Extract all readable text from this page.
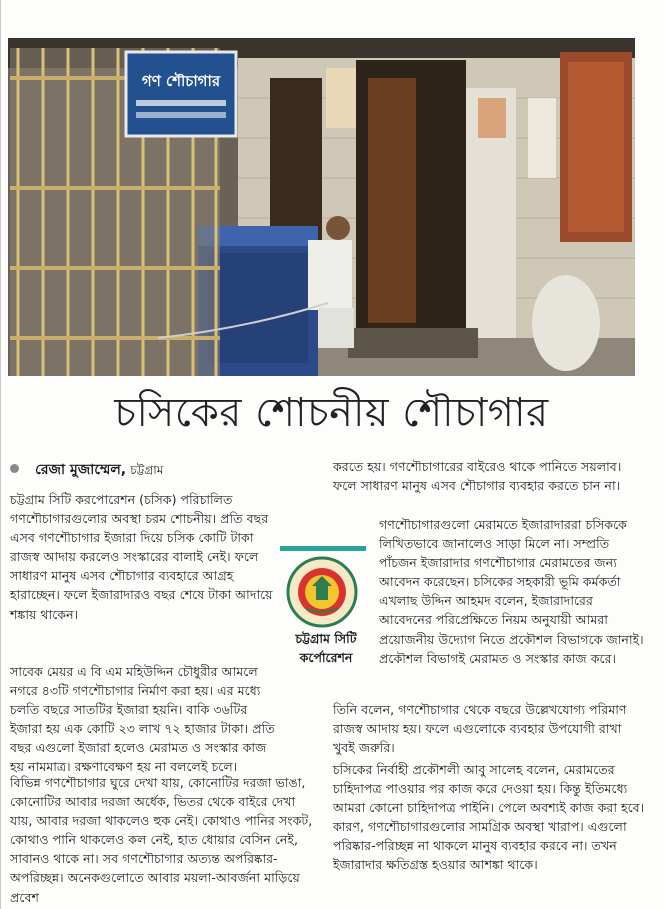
গণ শৌচাগার
চসিকের শোচনীয় শৌচাগার
রেজা মুজাম্মেল, চট্টগ্রাম

চট্টগ্রাম সিটি করপোরেশন (চসিক) পরিচালিত গণশৌচাগারগুলোর অবস্থা চরম শোচনীয়। প্রতি বছর এসব গণশৌচাগার ইজারা দিয়ে চসিক কোটি টাকা রাজস্ব আদায় করলেও সংস্কারের বালাই নেই। ফলে সাধারণ মানুষ এসব শৌচাগার ব্যবহারে আগ্রহ হারাচ্ছেন। ফলে ইজারাদারও বছর শেষে টাকা আদায়ে শঙ্কায় থাকেন।

সাবেক মেয়র এ বি এম মহিউদ্দিন চৌধুরীর আমলে নগরে ৪৩টি গণশৌচাগার নির্মাণ করা হয়। এর মধ্যে চলতি বছরে সাতটির ইজারা হয়নি। বাকি ৩৬টির ইজারা হয় এক কোটি ২৩ লাখ ৭২ হাজার টাকা। প্রতি বছর এগুলো ইজারা হলেও মেরামত ও সংস্কার কাজ হয় নামমাত্র। রক্ষণাবেক্ষণ হয় না বললেই চলে।

বিভিন্ন গণশৌচাগার ঘুরে দেখা যায়, কোনোটির দরজা ভাঙা, কোনোটির আবার দরজা অর্ধেক, ভিতর থেকে বাইরে দেখা যায়, আবার দরজা থাকলেও হুক নেই। কোথাও পানির সংকট, কোথাও পানি থাকলেও কল নেই, হাত ধোয়ার বেসিন নেই, সাবানও থাকে না। সব গণশৌচাগার অত্যন্ত অপরিষ্কার-অপরিচ্ছন্ন। অনেকগুলোতে আবার ময়লা-আবর্জনা মাড়িয়ে প্রবেশ

চট্টগ্রাম সিটি কর্পোরেশন

করতে হয়। গণশৌচাগারের বাইরেও থাকে পানিতে সয়লাব। ফলে সাধারণ মানুষ এসব শৌচাগার ব্যবহার করতে চান না।

গণশৌচাগারগুলো মেরামতে ইজারাদাররা চসিককে লিখিতভাবে জানালেও সাড়া মিলে না। সম্প্রতি পাঁচজন ইজারাদার গণশৌচাগার মেরামতের জন্য আবেদন করেছেন। চসিকের সহকারী ভূমি কর্মকর্তা এখলাছ উদ্দিন আহমদ বলেন, ইজারাদারের আবেদনের পরিপ্রেক্ষিতে নিয়ম অনুযায়ী আমরা প্রয়োজনীয় উদ্যোগ নিতে প্রকৌশল বিভাগকে জানাই। প্রকৌশল বিভাগই মেরামত ও সংস্কার কাজ করে।

তিনি বলেন, গণশৌচাগার থেকে বছরে উল্লেখযোগ্য পরিমাণ রাজস্ব আদায় হয়। ফলে এগুলোকে ব্যবহার উপযোগী রাখা খুবই জরুরি।

চসিকের নির্বাহী প্রকৌশলী আবু সালেহ বলেন, মেরামতের চাহিদাপত্র পাওয়ার পর কাজ করে দেওয়া হয়। কিন্তু ইতিমধ্যে আমরা কোনো চাহিদাপত্র পাইনি। পেলে অবশ্যই কাজ করা হবে। কারণ, গণশৌচাগারগুলোর সামগ্রিক অবস্থা খারাপ। এগুলো পরিষ্কার-পরিচ্ছন্ন না থাকলে মানুষ ব্যবহার করবে না। তখন ইজারাদার ক্ষতিগ্রস্ত হওয়ার আশঙ্কা থাকে।
